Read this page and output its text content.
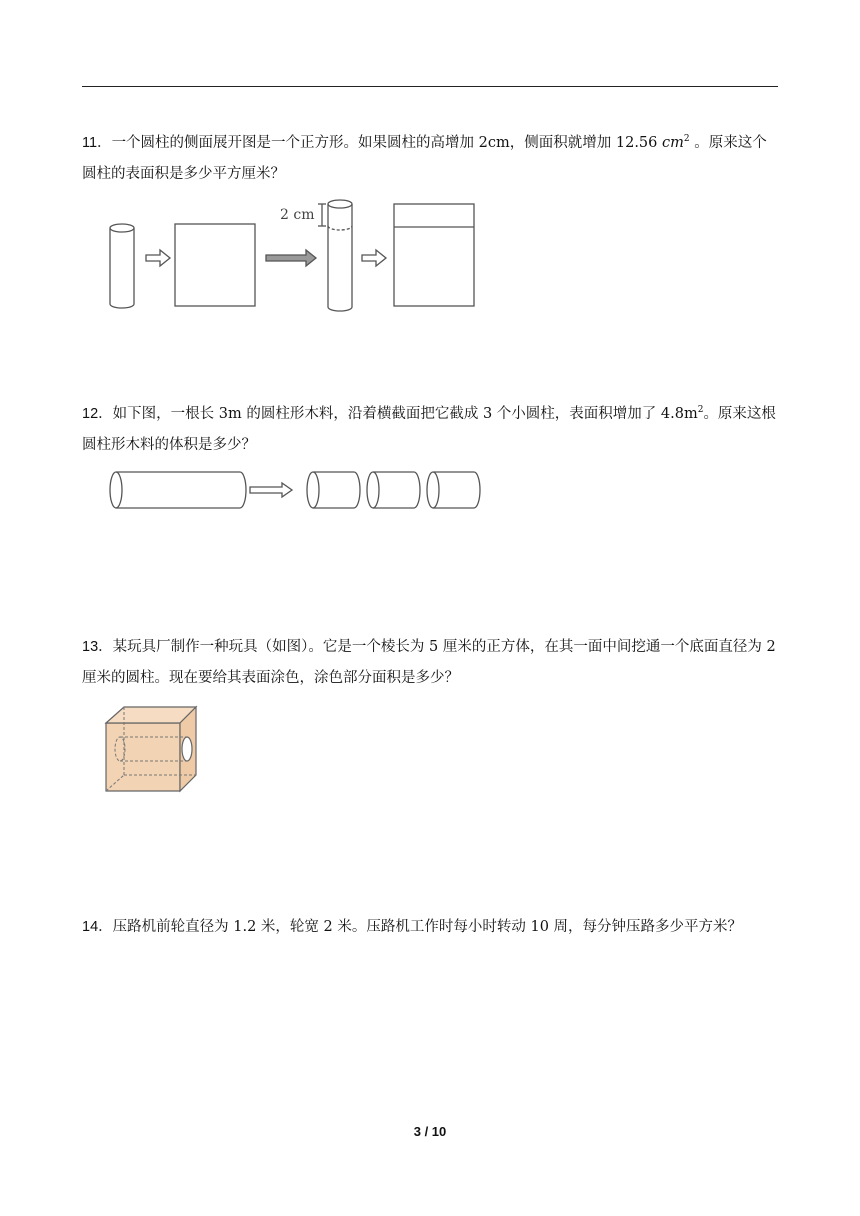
11．一个圆柱的侧面展开图是一个正方形。如果圆柱的高增加 2cm，侧面积就增加 12.56 $cm^2$ 。原来这个圆柱的表面积是多少平方厘米？
2 cm
12．如下图，一根长 3m 的圆柱形木料，沿着横截面把它截成 3 个小圆柱，表面积增加了 $4.8m^2$。原来这根圆柱形木料的体积是多少？
13．某玩具厂制作一种玩具（如图）。它是一个棱长为 5 厘米的正方体，在其一面中间挖通一个底面直径为 2 厘米的圆柱。现在要给其表面涂色，涂色部分面积是多少？
14．压路机前轮直径为 1.2 米，轮宽 2 米。压路机工作时每小时转动 10 周，每分钟压路多少平方米？
3 / 10
